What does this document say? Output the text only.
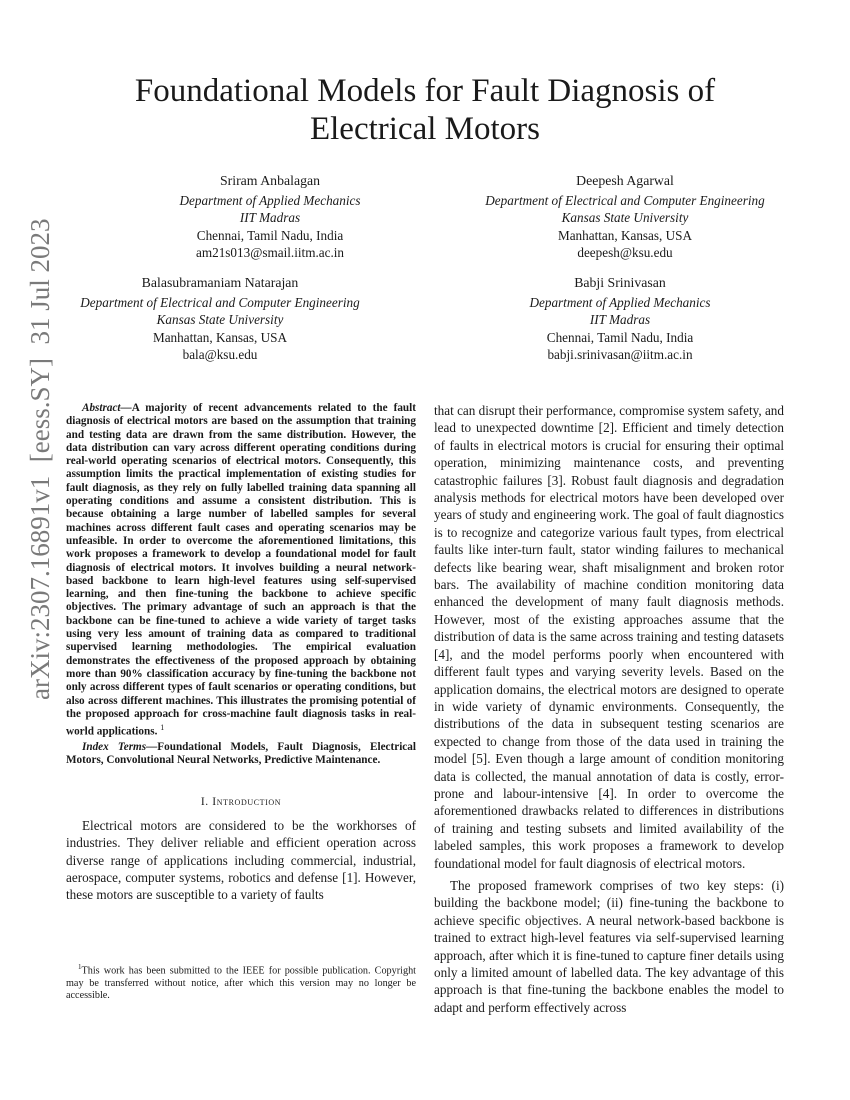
arXiv:2307.16891v1  [eess.SY]  31 Jul 2023
Foundational Models for Fault Diagnosis of
Electrical Motors
Sriram Anbalagan
Department of Applied Mechanics
IIT Madras
Chennai, Tamil Nadu, India
am21s013@smail.iitm.ac.in
Deepesh Agarwal
Department of Electrical and Computer Engineering
Kansas State University
Manhattan, Kansas, USA
deepesh@ksu.edu
Balasubramaniam Natarajan
Department of Electrical and Computer Engineering
Kansas State University
Manhattan, Kansas, USA
bala@ksu.edu
Babji Srinivasan
Department of Applied Mechanics
IIT Madras
Chennai, Tamil Nadu, India
babji.srinivasan@iitm.ac.in

Abstract—A majority of recent advancements related to the fault diagnosis of electrical motors are based on the assumption that training and testing data are drawn from the same distribution. However, the data distribution can vary across different operating conditions during real-world operating scenarios of electrical motors. Consequently, this assumption limits the practical implementation of existing studies for fault diagnosis, as they rely on fully labelled training data spanning all operating conditions and assume a consistent distribution. This is because obtaining a large number of labelled samples for several machines across different fault cases and operating scenarios may be unfeasible. In order to overcome the aforementioned limitations, this work proposes a framework to develop a foundational model for fault diagnosis of electrical motors. It involves building a neural network-based backbone to learn high-level features using self-supervised learning, and then fine-tuning the backbone to achieve specific objectives. The primary advantage of such an approach is that the backbone can be fine-tuned to achieve a wide variety of target tasks using very less amount of training data as compared to traditional supervised learning methodologies. The empirical evaluation demonstrates the effectiveness of the proposed approach by obtaining more than 90% classification accuracy by fine-tuning the backbone not only across different types of fault scenarios or operating conditions, but also across different machines. This illustrates the promising potential of the proposed approach for cross-machine fault diagnosis tasks in real-world applications. $^1$

Index Terms—Foundational Models, Fault Diagnosis, Electrical Motors, Convolutional Neural Networks, Predictive Maintenance.

I. Introduction

Electrical motors are considered to be the workhorses of industries. They deliver reliable and efficient operation across diverse range of applications including commercial, industrial, aerospace, computer systems, robotics and defense [1]. However, these motors are susceptible to a variety of faults

$^1$This work has been submitted to the IEEE for possible publication. Copyright may be transferred without notice, after which this version may no longer be accessible.

that can disrupt their performance, compromise system safety, and lead to unexpected downtime [2]. Efficient and timely detection of faults in electrical motors is crucial for ensuring their optimal operation, minimizing maintenance costs, and preventing catastrophic failures [3]. Robust fault diagnosis and degradation analysis methods for electrical motors have been developed over years of study and engineering work. The goal of fault diagnostics is to recognize and categorize various fault types, from electrical faults like inter-turn fault, stator winding failures to mechanical defects like bearing wear, shaft misalignment and broken rotor bars. The availability of machine condition monitoring data enhanced the development of many fault diagnosis methods. However, most of the existing approaches assume that the distribution of data is the same across training and testing datasets [4], and the model performs poorly when encountered with different fault types and varying severity levels. Based on the application domains, the electrical motors are designed to operate in wide variety of dynamic environments. Consequently, the distributions of the data in subsequent testing scenarios are expected to change from those of the data used in training the model [5]. Even though a large amount of condition monitoring data is collected, the manual annotation of data is costly, error-prone and labour-intensive [4]. In order to overcome the aforementioned drawbacks related to differences in distributions of training and testing subsets and limited availability of the labeled samples, this work proposes a framework to develop foundational model for fault diagnosis of electrical motors.

The proposed framework comprises of two key steps: (i) building the backbone model; (ii) fine-tuning the backbone to achieve specific objectives. A neural network-based backbone is trained to extract high-level features via self-supervised learning approach, after which it is fine-tuned to capture finer details using only a limited amount of labelled data. The key advantage of this approach is that fine-tuning the backbone enables the model to adapt and perform effectively across
